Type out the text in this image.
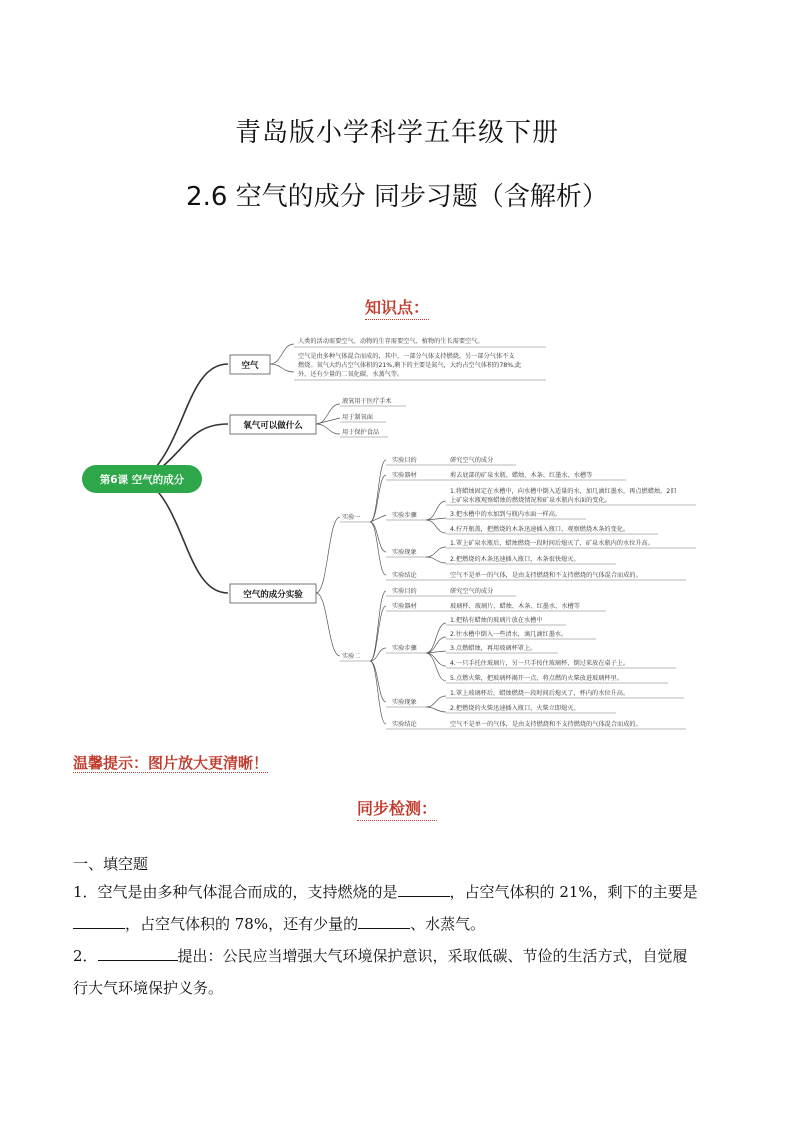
青岛版小学科学五年级下册
2.6 空气的成分 同步习题（含解析）
知识点：
第6课 空气的成分
空气
人类的活动需要空气、动物的生存需要空气、植物的生长需要空气。
空气是由多种气体混合而成的，其中，一部分气体支持燃烧，另一部分气体不支
燃烧。氧气大约占空气体积的21%,剩下的主要是氮气，大约占空气体积的78%,此
外，还有少量的二氧化碳、水蒸气等。
氧气可以做什么
液氧用于医疗手术
用于制氧面
用于保护食品
空气的成分实验
实验一
实验目的	研究空气的成分
实验器材	剪去底部的矿泉水瓶、蜡烛、木条、红墨水、水槽等
实验步骤
1.将蜡烛固定在水槽中，向水槽中倒入适量的水，加几滴红墨水，再点燃蜡烛。2旧
上矿泉水瓶观察蜡烛的燃烧情况和矿泉水瓶内水面的变化。
3.把水槽中的水加到与瓶内水面一样高。
4.拧开瓶盖，把燃烧的木条迅速插入瓶口，观察燃烧木条的变化。
实验现象
1.罩上矿泉水瓶后，蜡烛燃烧一段时间后熄灭了，矿泉水瓶内的水位升高。
2.把燃烧的木条迅速插入瓶口，木条很快熄灭。
实验结论	空气不是单一的气体，是由支持燃烧和不支持燃烧的气体混合而成的。
实验二
实验目的	研究空气的成分
实验器材	玻璃杯、玻璃片、蜡烛、木条、红墨水、水槽等
实验步骤
1.把粘有蜡烛的玻璃片放在水槽中
2.往水槽中倒入一些清水，滴几滴红墨水。
3.点燃蜡烛，再用玻璃杯罩上。
4.一只手托住玻璃片，另一只手按住玻璃杯，倒过来放在桌子上。
5.点燃火柴，把玻璃杯揭开一点，将点燃的火柴放进玻璃杯里。
实验现象
1.罩上玻璃杯后，蜡烛燃烧一段时间后熄灭了，杯内的水位升高。
2.把燃烧的火柴迅速插入瓶口，火柴立即熄灭。
实验结论	空气不是单一的气体，是由支持燃烧和不支持燃烧的气体混合而成的。
温馨提示：图片放大更清晰！
同步检测：
一、填空题
1．空气是由多种气体混合而成的，支持燃烧的是	，占空气体积的 21%，剩下的主要是
，占空气体积的 78%，还有少量的	、水蒸气。
2．	提出：公民应当增强大气环境保护意识，采取低碳、节俭的生活方式，自觉履
行大气环境保护义务。
